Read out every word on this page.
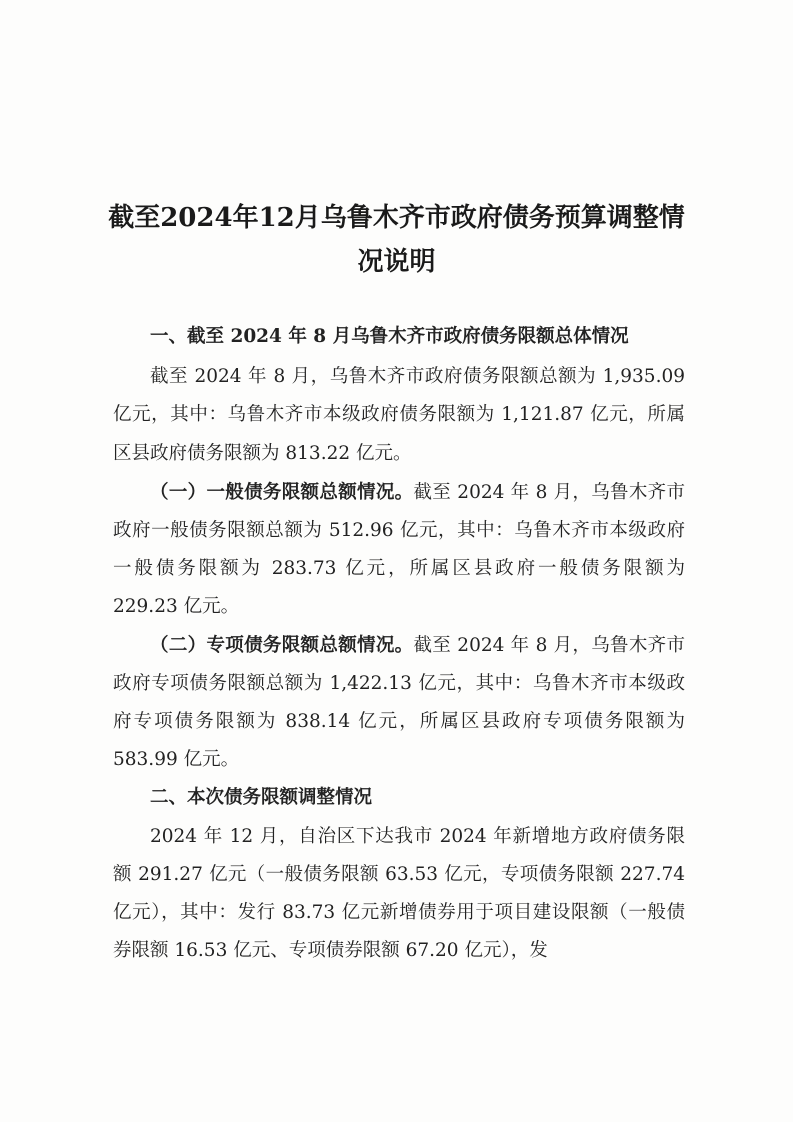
截至2024年12月乌鲁木齐市政府债务预算调整情况说明

一、截至 2024 年 8 月乌鲁木齐市政府债务限额总体情况

截至 2024 年 8 月，乌鲁木齐市政府债务限额总额为 1,935.09 亿元，其中：乌鲁木齐市本级政府债务限额为 1,121.87 亿元，所属区县政府债务限额为 813.22 亿元。

（一）一般债务限额总额情况。截至 2024 年 8 月，乌鲁木齐市政府一般债务限额总额为 512.96 亿元，其中：乌鲁木齐市本级政府一般债务限额为 283.73 亿元，所属区县政府一般债务限额为 229.23 亿元。

（二）专项债务限额总额情况。截至 2024 年 8 月，乌鲁木齐市政府专项债务限额总额为 1,422.13 亿元，其中：乌鲁木齐市本级政府专项债务限额为 838.14 亿元，所属区县政府专项债务限额为 583.99 亿元。

二、本次债务限额调整情况

2024 年 12 月，自治区下达我市 2024 年新增地方政府债务限额 291.27 亿元（一般债务限额 63.53 亿元，专项债务限额 227.74 亿元），其中：发行 83.73 亿元新增债券用于项目建设限额（一般债券限额 16.53 亿元、专项债券限额 67.20 亿元），发
